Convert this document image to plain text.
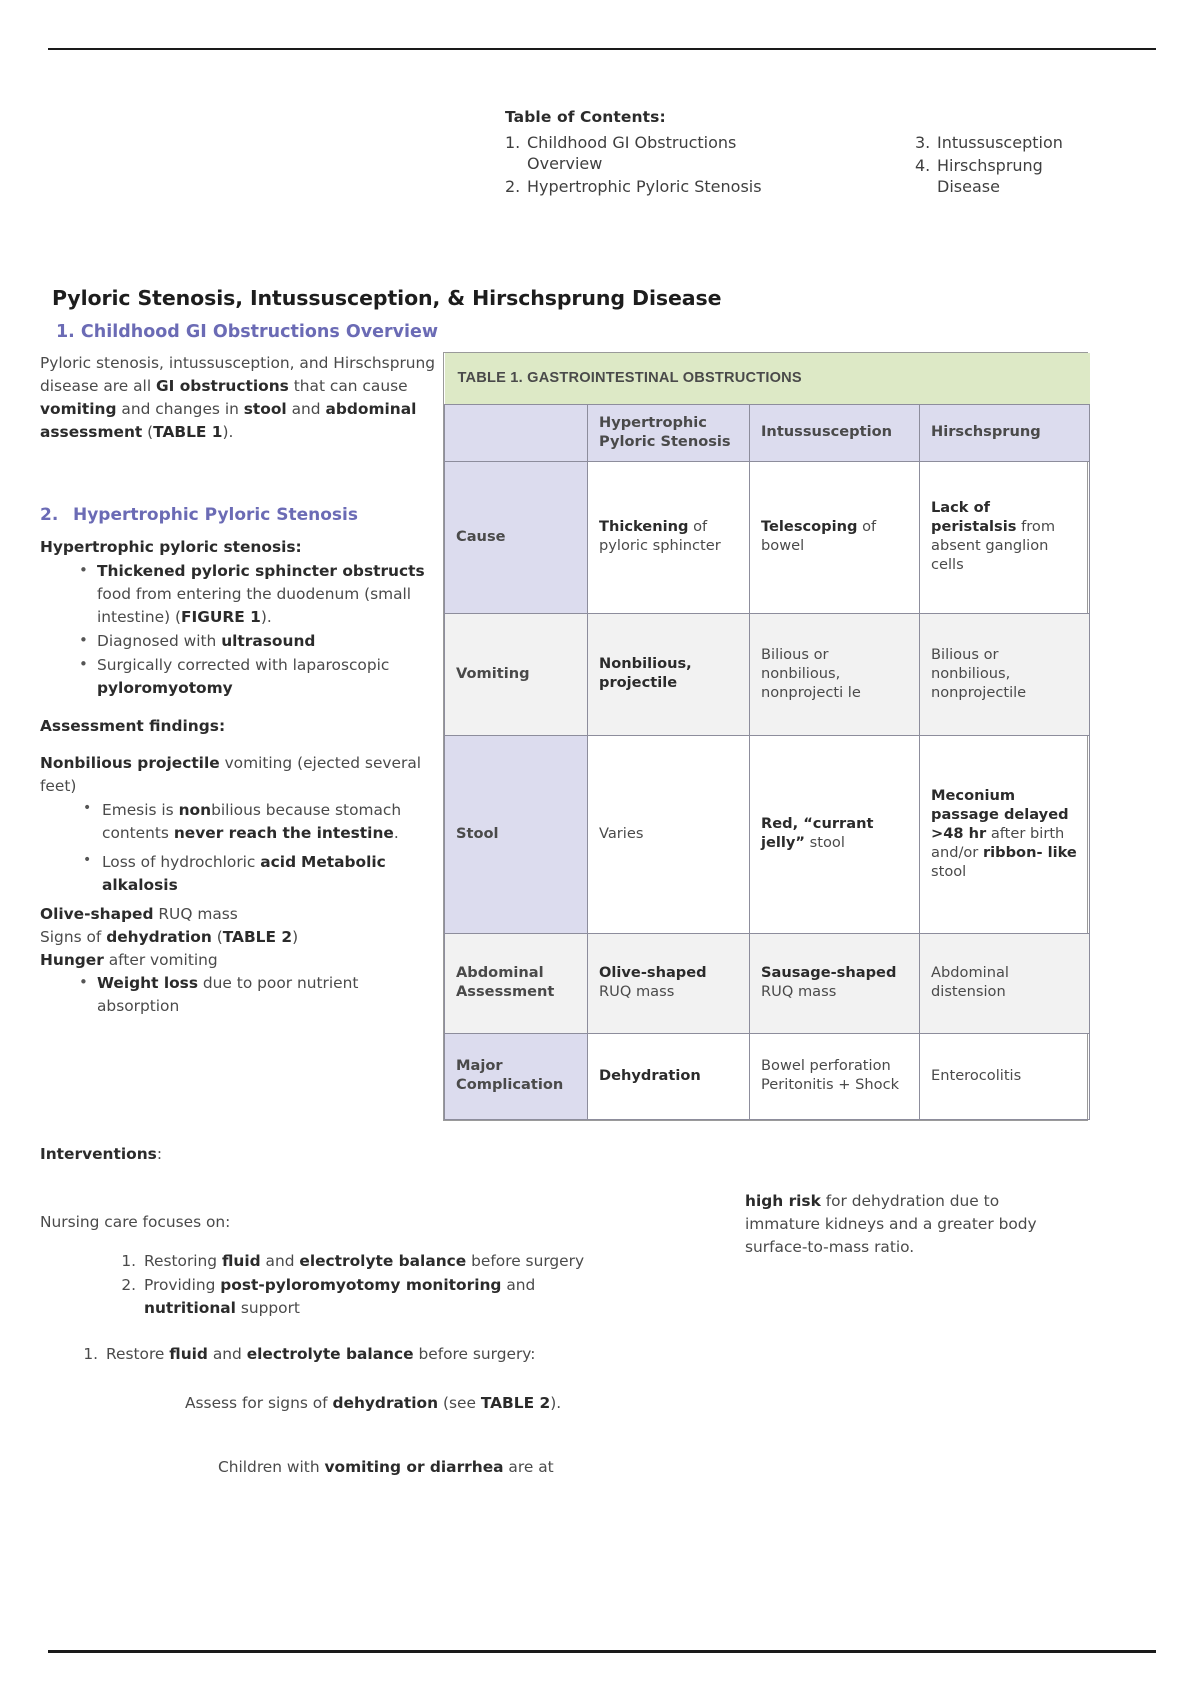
Table of Contents:
1. Childhood GI Obstructions Overview
2. Hypertrophic Pyloric Stenosis
3. Intussusception
4. Hirschsprung Disease
Pyloric Stenosis, Intussusception, & Hirschsprung Disease
1. Childhood GI Obstructions Overview
2. Hypertrophic Pyloric Stenosis

Pyloric stenosis, intussusception, and Hirschsprung disease are all GI obstructions that can cause vomiting and changes in stool and abdominal assessment (TABLE 1).

Hypertrophic pyloric stenosis:

• Thickened pyloric sphincter obstructs food from entering the duodenum (small intestine) (FIGURE 1).
• Diagnosed with ultrasound
• Surgically corrected with laparoscopic pyloromyotomy

Assessment findings:

Nonbilious projectile vomiting (ejected several feet)

• Emesis is nonbilious because stomach contents never reach the intestine.
• Loss of hydrochloric acid Metabolic alkalosis

Olive-shaped RUQ mass

Signs of dehydration (TABLE 2)

Hunger after vomiting

• Weight loss due to poor nutrient absorption

Interventions:

Nursing care focuses on:

1. Restoring fluid and electrolyte balance before surgery
2. Providing post-pyloromyotomy monitoring and
nutritional support
1. Restore fluid and electrolyte balance before surgery:

Assess for signs of dehydration (see TABLE 2).

Children with vomiting or diarrhea are at

high risk for dehydration due to immature kidneys and a greater body surface-to-mass ratio.
TABLE 1. GASTROINTESTINAL OBSTRUCTIONS			
	Hypertrophic Pyloric Stenosis	Intussusception	Hirschsprung
Cause	Thickening of pyloric sphincter	Telescoping of bowel	Lack of peristalsis from absent ganglion cells
Vomiting	Nonbilious, projectile	Bilious or nonbilious, nonprojecti le	Bilious or nonbilious, nonprojectile
Stool	Varies	Red, “currant jelly” stool	Meconium passage delayed >48 hr after birth and/or ribbon- like stool
Abdominal Assessment	Olive-shaped RUQ mass	Sausage-shaped RUQ mass	Abdominal distension
Major Complication	Dehydration	Bowel perforation Peritonitis + Shock	Enterocolitis
